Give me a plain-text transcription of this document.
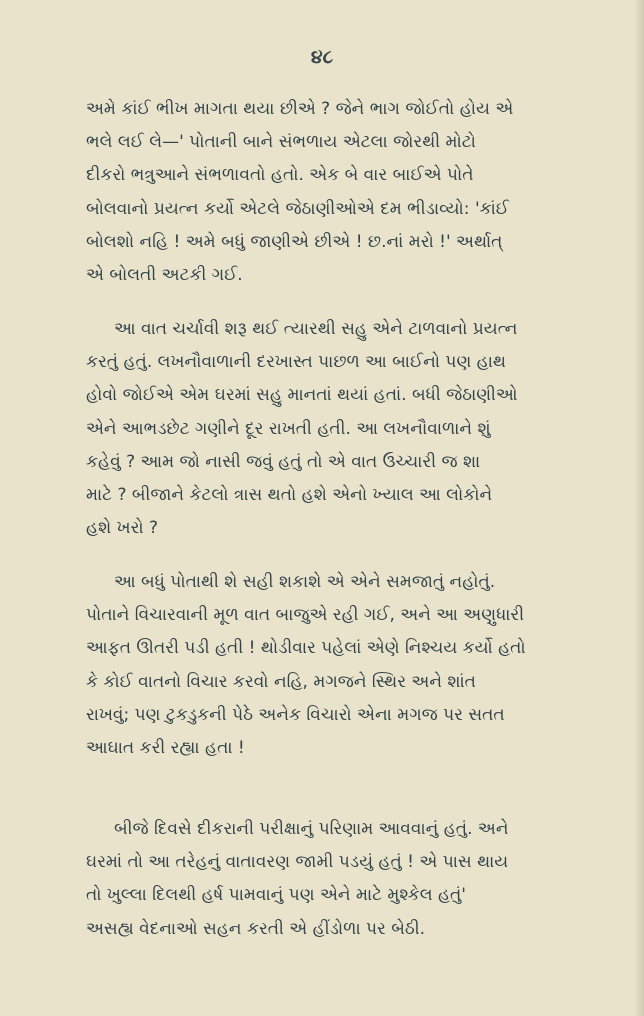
૪૮
અમે કાંઈ ભીખ માગતા થયા છીએ ? જેને ભાગ જોઈતો હોય એ
ભલે લઈ લે—' પોતાની બાને સંભળાય એટલા જોરથી મોટો
દીકરો ભત્રુઆને સંભળાવતો હતો. એક બે વાર બાઈએ પોતે
બોલવાનો પ્રયત્ન કર્યો એટલે જેઠાણીઓએ દમ ભીડાવ્યો: 'કાંઈ
બોલશો નહિ ! અમે બધું જાણીએ છીએ ! છ.નાં મરો !' અર્થાત્
એ બોલતી અટકી ગઈ.
આ વાત ચર્ચાવી શરૂ થઈ ત્યારથી સહુ એને ટાળવાનો પ્રયત્ન
કરતું હતું. લખનૌવાળાની દરખાસ્ત પાછળ આ બાઈનો પણ હાથ
હોવો જોઈએ એમ ઘરમાં સહુ માનતાં થયાં હતાં. બધી જેઠાણીઓ
એને આભડછેટ ગણીને દૂર રાખતી હતી. આ લખનૌવાળાને શું
કહેવું ? આમ જો નાસી જવું હતું તો એ વાત ઉચ્ચારી જ શા
માટે ? બીજાને કેટલો ત્રાસ થતો હશે એનો ખ્યાલ આ લોકોને
હશે ખરો ?
આ બધું પોતાથી શે સહી શકાશે એ એને સમજાતું નહોતું.
પોતાને વિચારવાની મૂળ વાત બાજુએ રહી ગઈ, અને આ અણુધારી
આફત ઊતરી પડી હતી ! થોડીવાર પહેલાં એણે નિશ્ચય કર્યો હતો
કે કોઈ વાતનો વિચાર કરવો નહિ, મગજને સ્થિર અને શાંત
રાખવું; પણ ટુકડુકની પેઠે અનેક વિચારો એના મગજ પર સતત
આઘાત કરી રહ્યા હતા !
બીજે દિવસે દીકરાની પરીક્ષાનું પરિણામ આવવાનું હતું. અને
ઘરમાં તો આ તરેહનું વાતાવરણ જામી પડયું હતું ! એ પાસ થાય
તો ખુલ્લા દિલથી હર્ષ પામવાનું પણ એને માટે મુશ્કેલ હતું'
અસહ્ય વેદનાઓ સહન કરતી એ હીંડોળા પર બેઠી.
